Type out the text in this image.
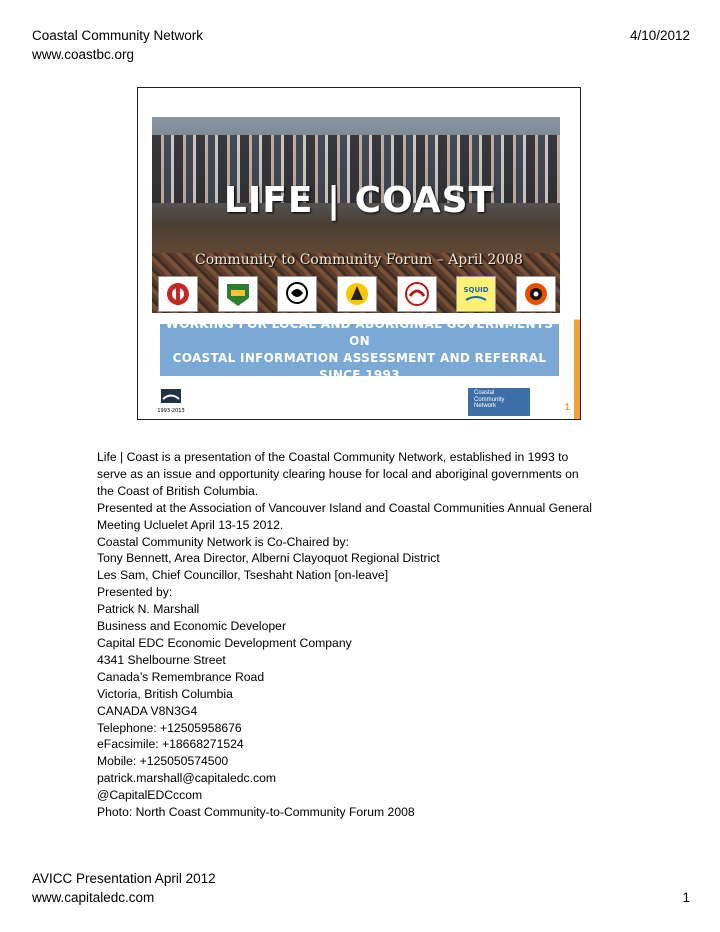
Coastal Community Network
www.coastbc.org
4/10/2012
LIFE | COAST
Community to Community Forum – April 2008
SQUID
WORKING FOR LOCAL AND ABORIGINAL GOVERNMENTS ON
COASTAL INFORMATION ASSESSMENT AND REFERRAL SINCE 1993
1993-2013
Coastal
Community
Network	1
Life | Coast is a presentation of the Coastal Community Network, established in 1993 to
serve as an issue and opportunity clearing house for local and aboriginal governments on
the Coast of British Columbia.
Presented at the Association of Vancouver Island and Coastal Communities Annual General
Meeting Ucluelet April 13-15 2012.
Coastal Community Network is Co-Chaired by:
Tony Bennett, Area Director, Alberni Clayoquot Regional District
Les Sam, Chief Councillor, Tseshaht Nation [on-leave]
Presented by:
Patrick N. Marshall
Business and Economic Developer
Capital EDC Economic Development Company
4341 Shelbourne Street
Canada’s Remembrance Road
Victoria, British Columbia
CANADA V8N3G4
Telephone: +12505958676
eFacsimile: +18668271524
Mobile: +125050574500
patrick.marshall@capitaledc.com
@CapitalEDCccom
Photo: North Coast Community-to-Community Forum 2008
AVICC Presentation April 2012
www.capitaledc.com	1
